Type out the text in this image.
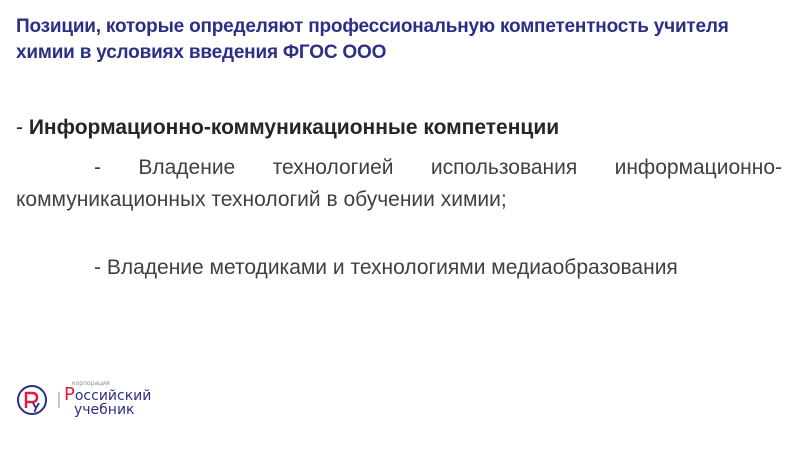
Позиции, которые определяют профессиональную компетентность учителя химии в условиях введения ФГОС ООО

- Информационно-коммуникационные компетенции

- Владение технологией использования информационно-коммуникационных технологий в обучении химии;

- Владение методиками и технологиями медиаобразования

корпорация
Российский
учебник
